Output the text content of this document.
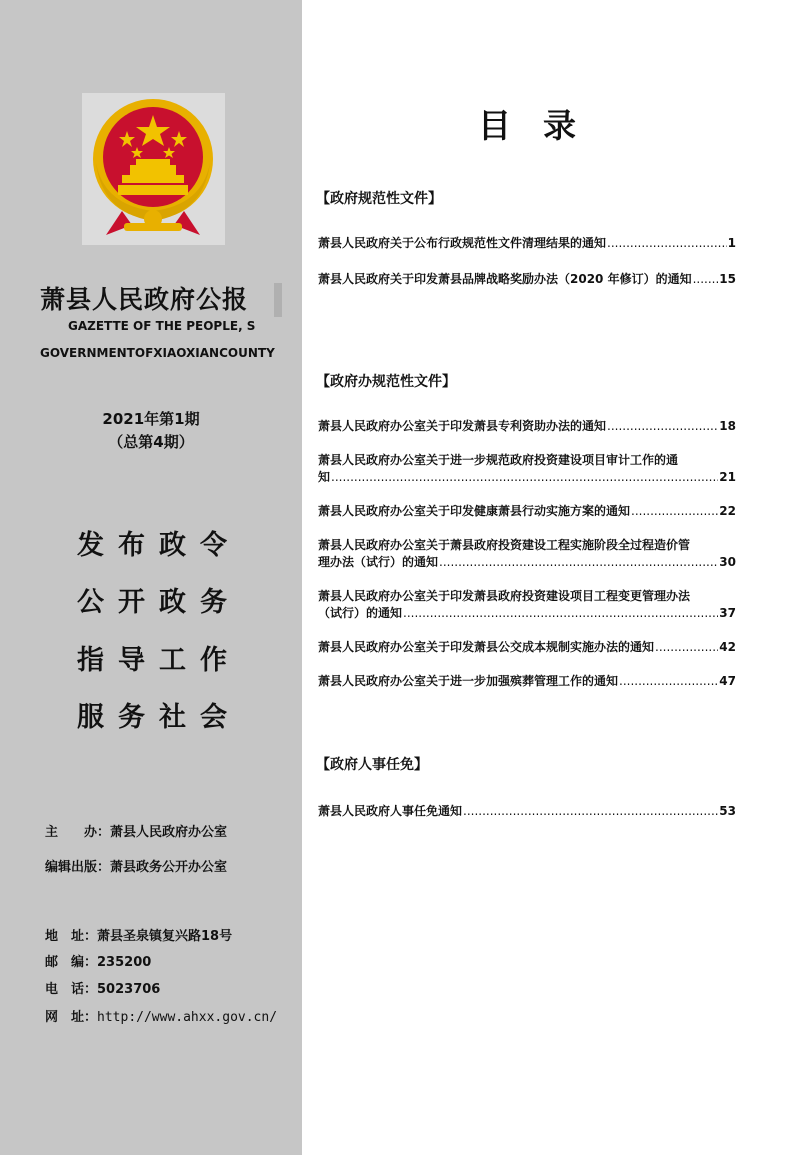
萧县人民政府公报
GAZETTE OF THE PEOPLE, S
GOVERNMENTOFXIAOXIANCOUNTY
2021年第1期
（总第4期）
发布政令
公开政务
指导工作
服务社会
主　　办：萧县人民政府办公室
编辑出版：萧县政务公开办公室
地　址：萧县圣泉镇复兴路18号
邮　编：235200
电　话：5023706
网　址：http://www.ahxx.gov.cn/
目录
【政府规范性文件】
萧县人民政府关于公布行政规范性文件清理结果的通知 .....	1
萧县人民政府关于印发萧县品牌战略奖励办法（2020 年修订）的通知 ..... 15
【政府办规范性文件】
萧县人民政府办公室关于印发萧县专利资助办法的通知 .....	18
萧县人民政府办公室关于进一步规范政府投资建设项目审计工作的通
知 .....	21
萧县人民政府办公室关于印发健康萧县行动实施方案的通知 .....	22
萧县人民政府办公室关于萧县政府投资建设工程实施阶段全过程造价管
理办法（试行）的通知 .....	30
萧县人民政府办公室关于印发萧县政府投资建设项目工程变更管理办法
（试行）的通知 .....	37
萧县人民政府办公室关于印发萧县公交成本规制实施办法的通知 .....	42
萧县人民政府办公室关于进一步加强殡葬管理工作的通知 .....	47
【政府人事任免】
萧县人民政府人事任免通知 .....	53
